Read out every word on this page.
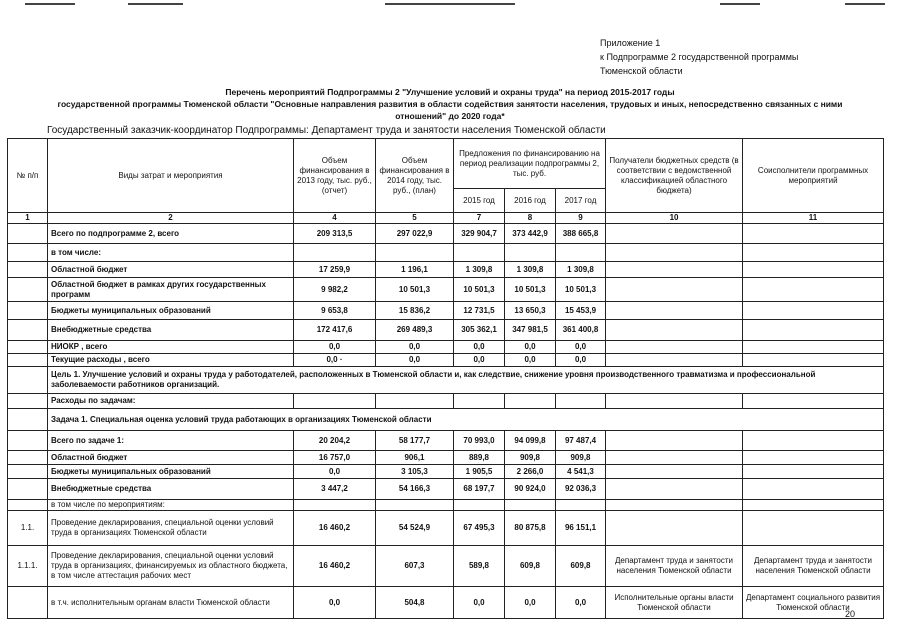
Приложение 1
к Подпрограмме 2 государственной программы
Тюменской области
Перечень мероприятий Подпрограммы 2 "Улучшение условий и охраны труда" на период 2015-2017 годы
государственной программы Тюменской области "Основные направления развития в области содействия занятости населения, трудовых и иных, непосредственно связанных с ними
отношений" до 2020 года*
Государственный заказчик-координатор Подпрограммы: Департамент труда и занятости населения Тюменской области
№ п/п	Виды затрат и мероприятия	Объем финансирования в 2013 году, тыс. руб., (отчет)	Объем финансирования в 2014 году, тыс. руб., (план)	Предложения по финансированию на период реализации подпрограммы 2, тыс. руб.			Получатели бюджетных средств (в соответствии с ведомственной классификацией областного бюджета)	Соисполнители программных мероприятий
				2015 год	2016 год	2017 год		
1	2	4	5	7	8	9	10	11
	Всего по подпрограмме 2, всего	209 313,5	297 022,9	329 904,7	373 442,9	388 665,8		
	в том числе:							
	Областной бюджет	17 259,9	1 196,1	1 309,8	1 309,8	1 309,8		
	Областной бюджет в рамках других государственных программ	9 982,2	10 501,3	10 501,3	10 501,3	10 501,3		
	Бюджеты муниципальных образований	9 653,8	15 836,2	12 731,5	13 650,3	15 453,9		
	Внебюджетные средства	172 417,6	269 489,3	305 362,1	347 981,5	361 400,8		
	НИОКР , всего	0,0	0,0	0,0	0,0	0,0		
	Текущие расходы , всего	0,0 ·	0,0	0,0	0,0	0,0		
	Цель 1. Улучшение условий и охраны труда у работодателей, расположенных в Тюменской области и, как следствие, снижение уровня производственного травматизма и профессиональной заболеваемости работников организаций.							
	Расходы по задачам:							
	Задача 1. Специальная оценка условий труда работающих в организациях Тюменской области							
	Всего по задаче 1:	20 204,2	58 177,7	70 993,0	94 099,8	97 487,4		
	Областной бюджет	16 757,0	906,1	889,8	909,8	909,8		
	Бюджеты муниципальных образований	0,0	3 105,3	1 905,5	2 266,0	4 541,3		
	Внебюджетные средства	3 447,2	54 166,3	68 197,7	90 924,0	92 036,3		
	в том числе по мероприятиям:							
1.1.	Проведение декларирования, специальной оценки условий труда в организациях Тюменской области	16 460,2	54 524,9	67 495,3	80 875,8	96 151,1		
1.1.1.	Проведение декларирования, специальной оценки условий труда в организациях, финансируемых из областного бюджета, в том числе аттестация рабочих мест	16 460,2	607,3	589,8	609,8	609,8	Департамент труда и занятости населения Тюменской области	Департамент труда и занятости населения Тюменской области
	в т.ч. исполнительным органам власти Тюменской области	0,0	504,8	0,0	0,0	0,0	Исполнительные органы власти Тюменской области	Департамент социального развития Тюменской области
20
